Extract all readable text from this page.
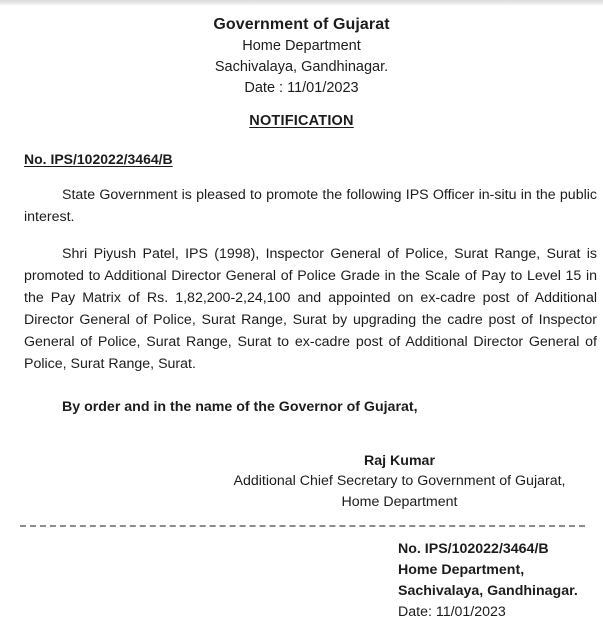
Government of Gujarat
Home Department
Sachivalaya, Gandhinagar.
Date : 11/01/2023
NOTIFICATION
No. IPS/102022/3464/B

State Government is pleased to promote the following IPS Officer in-situ in the public interest.

Shri Piyush Patel, IPS (1998), Inspector General of Police, Surat Range, Surat is promoted to Additional Director General of Police Grade in the Scale of Pay to Level 15 in the Pay Matrix of Rs. 1,82,200-2,24,100 and appointed on ex-cadre post of Additional Director General of Police, Surat Range, Surat by upgrading the cadre post of Inspector General of Police, Surat Range, Surat to ex-cadre post of Additional Director General of Police, Surat Range, Surat.

By order and in the name of the Governor of Gujarat,
Raj Kumar
Additional Chief Secretary to Government of Gujarat,
Home Department
No. IPS/102022/3464/B
Home Department,
Sachivalaya, Gandhinagar.
Date: 11/01/2023
